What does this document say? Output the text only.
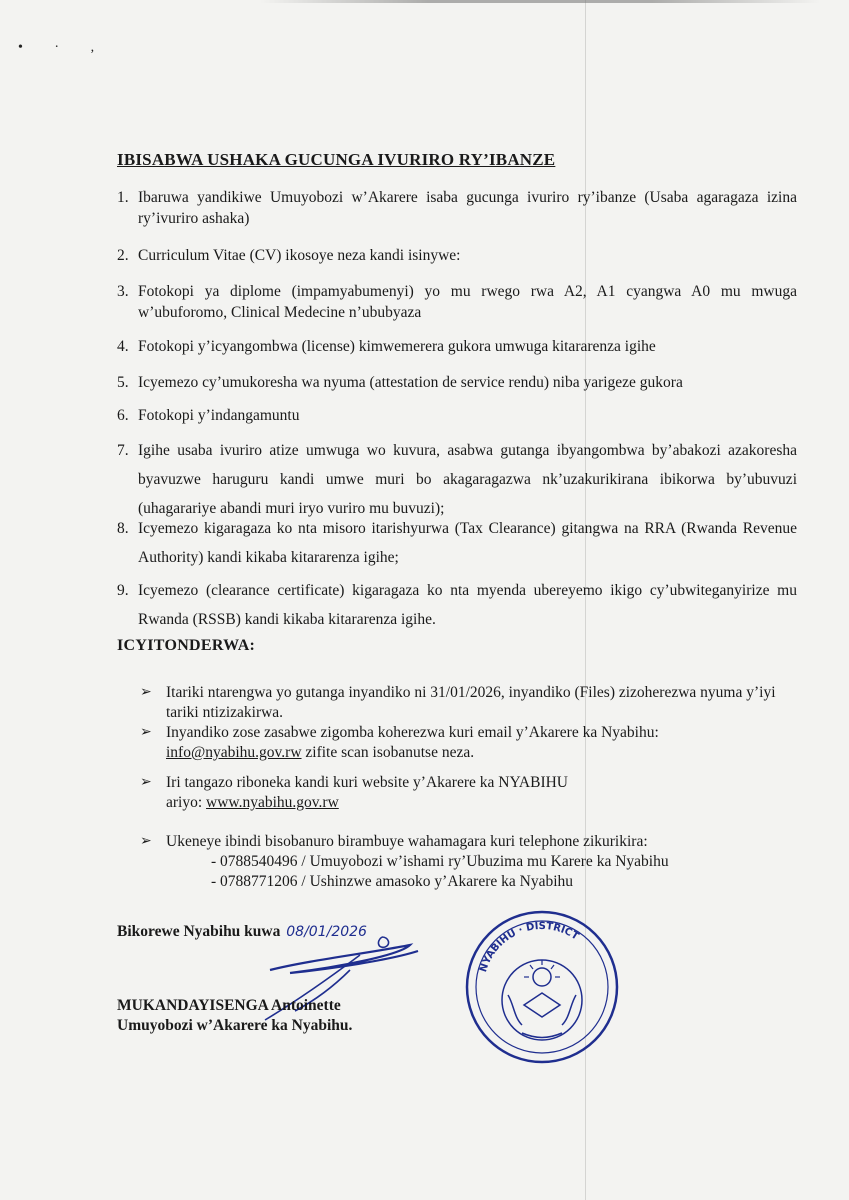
• · ,
IBISABWA USHAKA GUCUNGA IVURIRO RY’IBANZE
1. Ibaruwa yandikiwe Umuyobozi w’Akarere isaba gucunga ivuriro ry’ibanze (Usaba agaragaza izina ry’ivuriro ashaka)
2. Curriculum Vitae (CV) ikosoye neza kandi isinywe:
3. Fotokopi ya diplome (impamyabumenyi) yo mu rwego rwa A2, A1 cyangwa A0 mu mwuga w’ubuforomo, Clinical Medecine n’ububyaza
4. Fotokopi y’icyangombwa (license) kimwemerera gukora umwuga kitararenza igihe
5. Icyemezo cy’umukoresha wa nyuma (attestation de service rendu) niba yarigeze gukora
6. Fotokopi y’indangamuntu
7. Igihe usaba ivuriro atize umwuga wo kuvura, asabwa gutanga ibyangombwa by’abakozi azakoresha byavuzwe haruguru kandi umwe muri bo akagaragazwa nk’uzakurikirana ibikorwa by’ubuvuzi (uhagarariye abandi muri iryo vuriro mu buvuzi);
8. Icyemezo kigaragaza ko nta misoro itarishyurwa (Tax Clearance) gitangwa na RRA (Rwanda Revenue Authority) kandi kikaba kitararenza igihe;
9. Icyemezo (clearance certificate) kigaragaza ko nta myenda ubereyemo ikigo cy’ubwiteganyirize mu Rwanda (RSSB) kandi kikaba kitararenza igihe.
ICYITONDERWA:
➢ Itariki ntarengwa yo gutanga inyandiko ni 31/01/2026, inyandiko (Files) zizoherezwa nyuma y’iyi tariki ntizizakirwa.
➢ Inyandiko zose zasabwe zigomba koherezwa kuri email y’Akarere ka Nyabihu:
info@nyabihu.gov.rw zifite scan isobanutse neza.
➢ Iri tangazo riboneka kandi kuri website y’Akarere ka NYABIHU
ariyo: www.nyabihu.gov.rw
➢ Ukeneye ibindi bisobanuro birambuye wahamagara kuri telephone zikurikira:
- 0788540496 / Umuyobozi w’ishami ry’Ubuzima mu Karere ka Nyabihu
- 0788771206 / Ushinzwe amasoko y’Akarere ka Nyabihu
Bikorewe Nyabihu kuwa 08/01/2026
MUKANDAYISENGA Antoinette
Umuyobozi w’Akarere ka Nyabihu.
NYABIHU · DISTRICT
